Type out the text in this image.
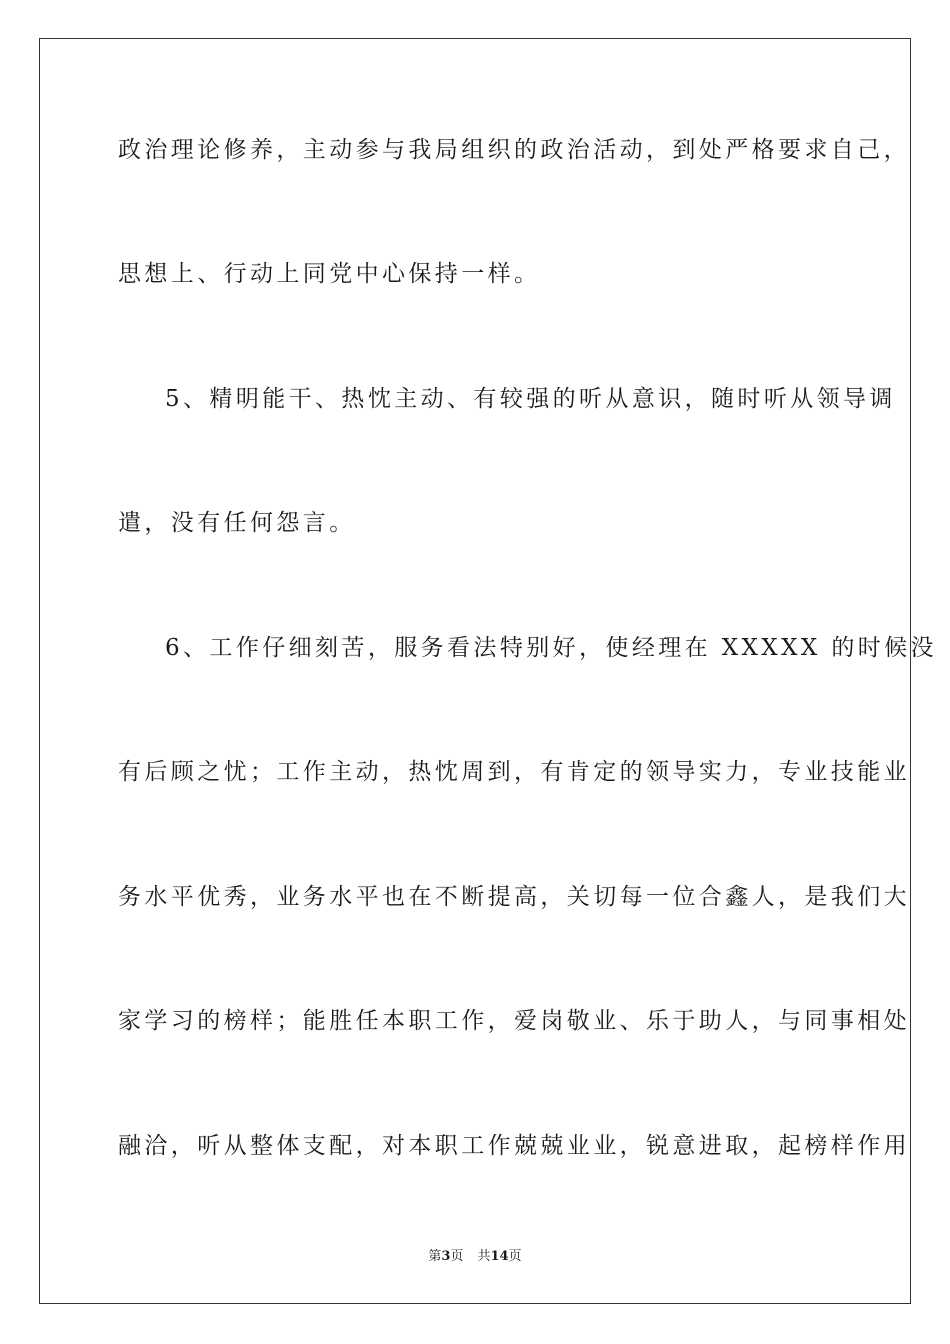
政治理论修养，主动参与我局组织的政治活动，到处严格要求自己，
思想上、行动上同党中心保持一样。
5、精明能干、热忱主动、有较强的听从意识，随时听从领导调
遣，没有任何怨言。
6、工作仔细刻苦，服务看法特别好，使经理在 XXXXX 的时候没
有后顾之忧；工作主动，热忱周到，有肯定的领导实力，专业技能业
务水平优秀，业务水平也在不断提高，关切每一位合鑫人，是我们大
家学习的榜样；能胜任本职工作，爱岗敬业、乐于助人，与同事相处
融洽，听从整体支配，对本职工作兢兢业业，锐意进取，起榜样作用
第3页 共14页
